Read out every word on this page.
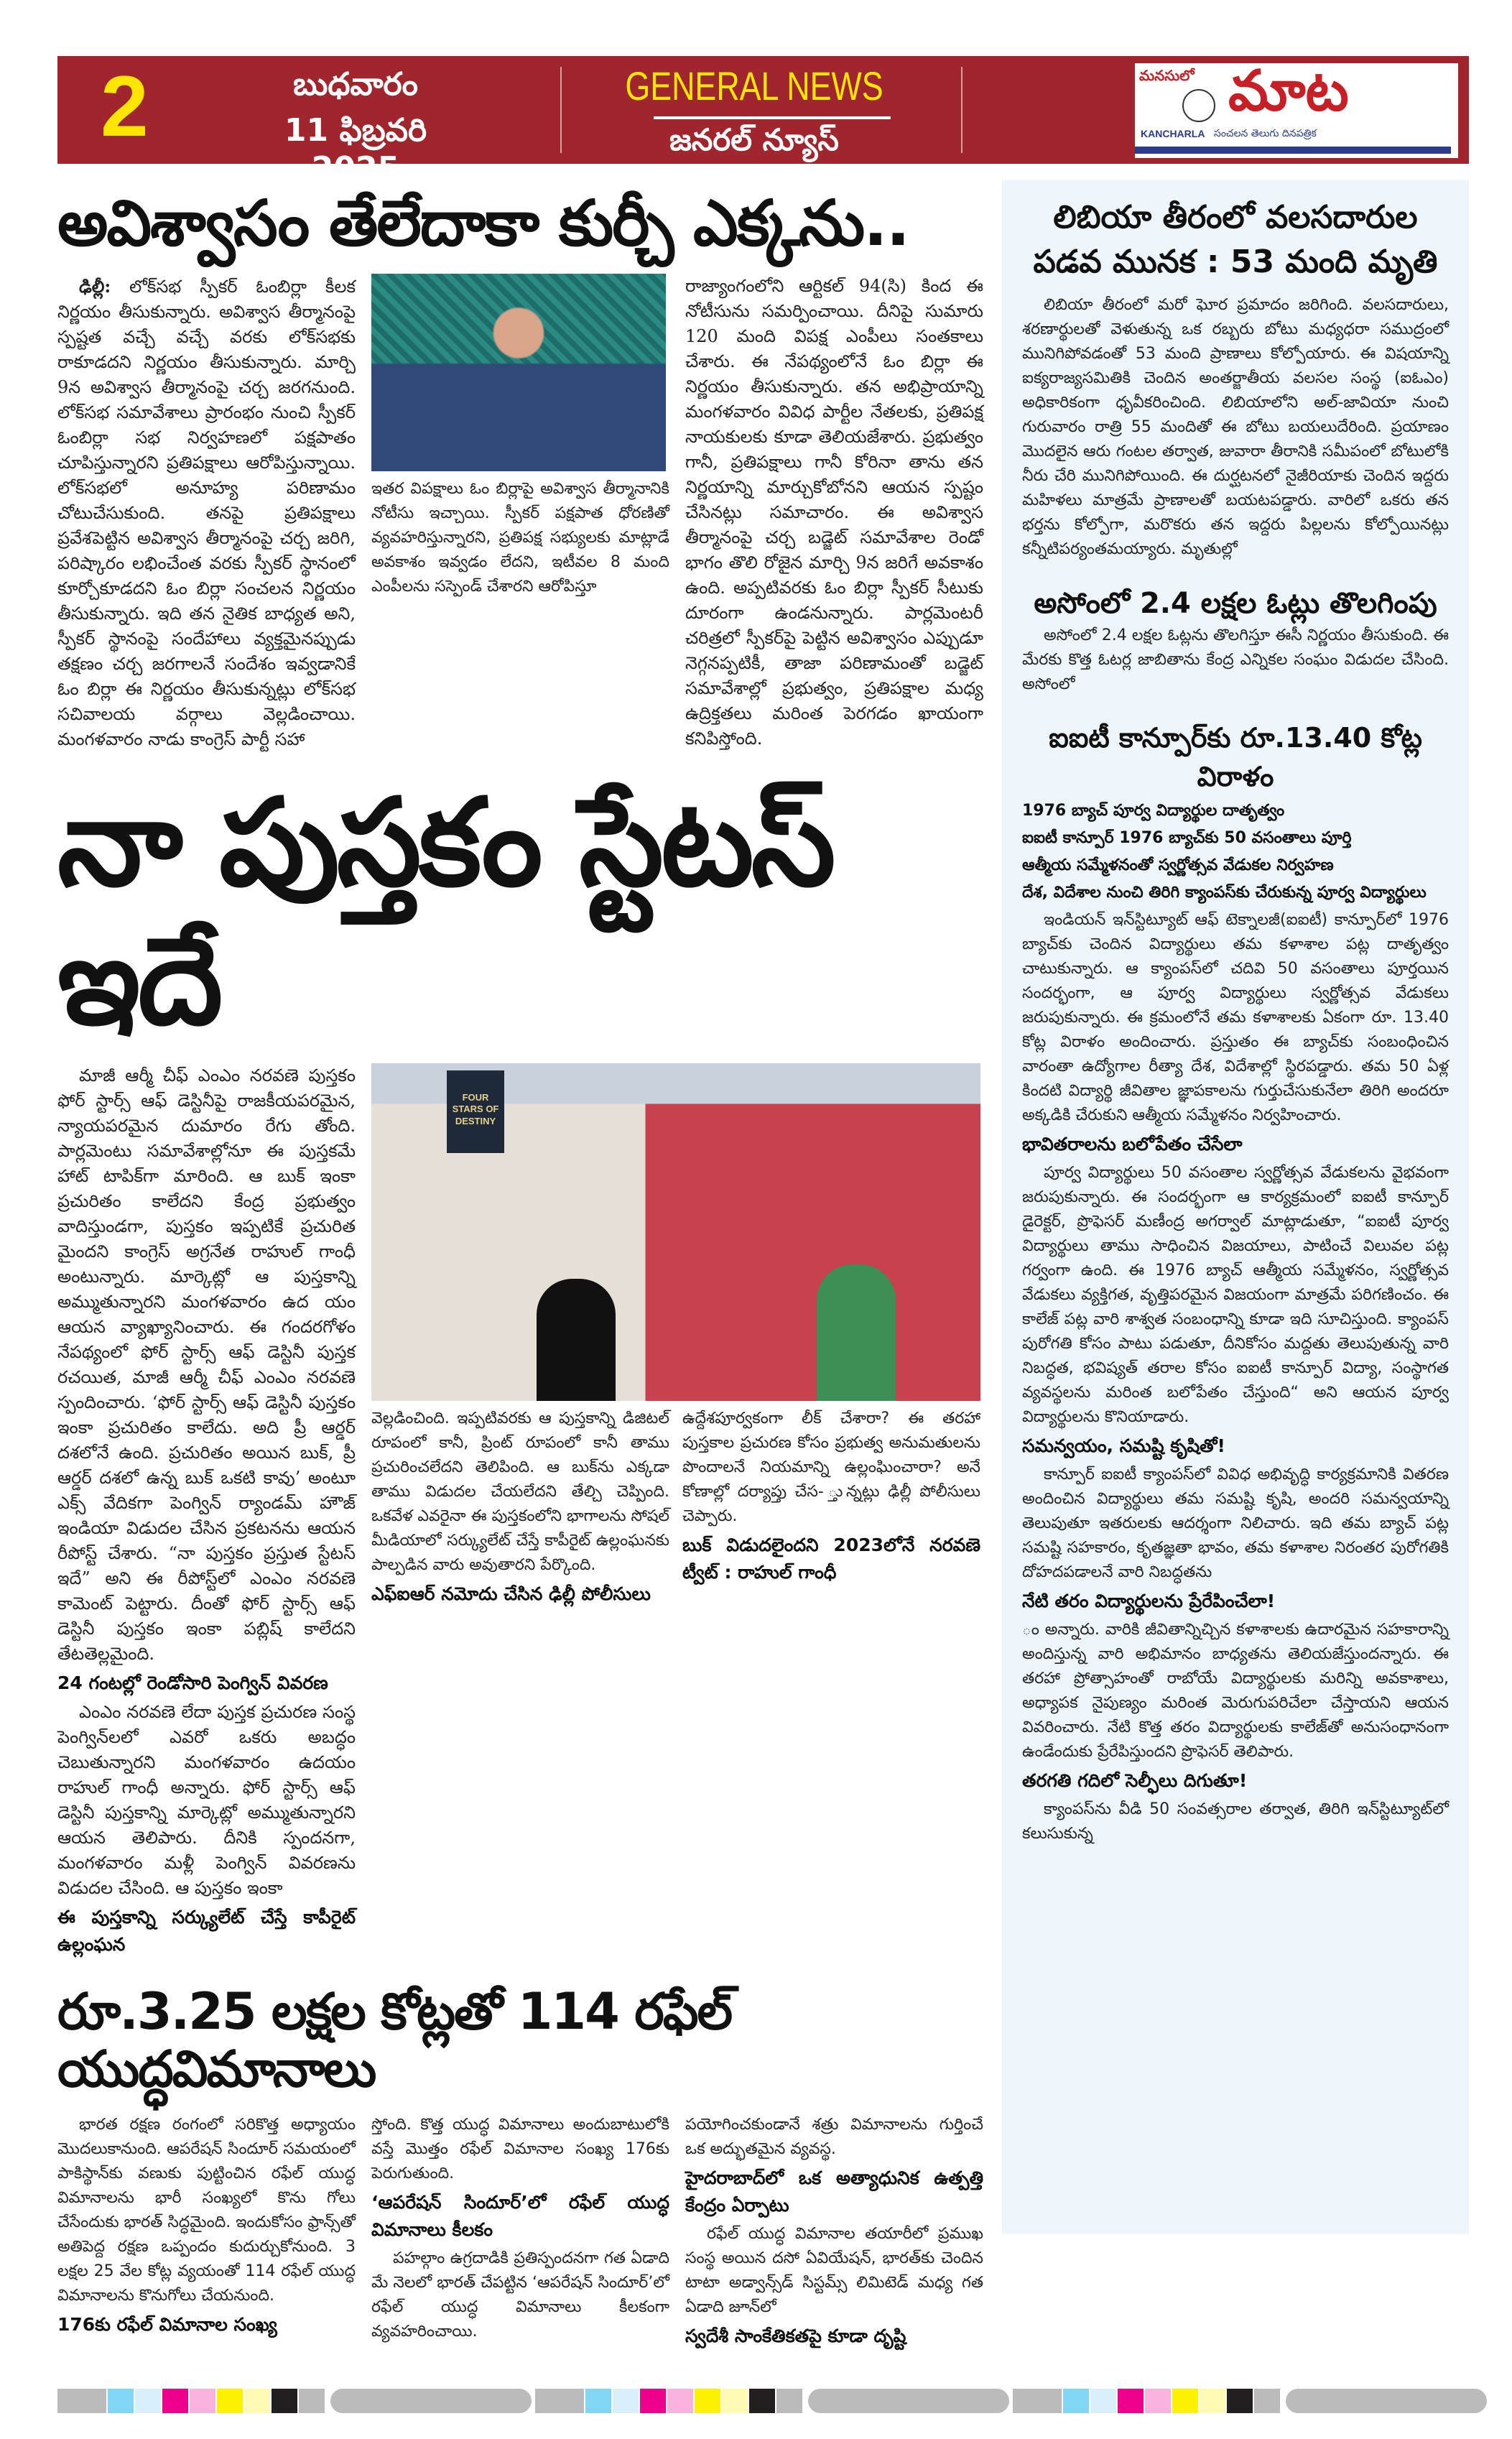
2	బుధవారం
11 ఫిబ్రవరి 2025
GENERAL NEWS
జనరల్ న్యూస్
మనసులో మాట
KANCHARLA సంచలన తెలుగు దినపత్రిక
అవిశ్వాసం తేలేదాకా కుర్చీ ఎక్కను..

ఢిల్లీ: లోక్‌సభ స్పీకర్ ఓంబిర్లా కీలక నిర్ణయం తీసుకున్నారు. అవిశ్వాస తీర్మానంపై స్పష్టత వచ్చే వచ్చే వరకు లోక్‌సభకు రాకూడదని నిర్ణయం తీసుకున్నారు. మార్చి 9న అవిశ్వాస తీర్మానంపై చర్చ జరగనుంది. లోక్‌సభ సమావేశాలు ప్రారంభం నుంచి స్పీకర్ ఓంబిర్లా సభ నిర్వహణలో పక్షపాతం చూపిస్తున్నారని ప్రతిపక్షాలు ఆరోపిస్తున్నాయి. లోక్‌సభలో అనూహ్య పరిణామం చోటుచేసుకుంది. తనపై ప్రతిపక్షాలు ప్రవేశపెట్టిన అవిశ్వాస తీర్మానంపై చర్చ జరిగి, పరిష్కారం లభించేంత వరకు స్పీకర్ స్థానంలో కూర్చోకూడదని ఓం బిర్లా సంచలన నిర్ణయం తీసుకున్నారు. ఇది తన నైతిక బాధ్యత అని, స్పీకర్ స్థానంపై సందేహాలు వ్యక్తమైనప్పుడు తక్షణం చర్చ జరగాలనే సందేశం ఇవ్వడానికే ఓం బిర్లా ఈ నిర్ణయం తీసుకున్నట్లు లోక్‌సభ సచివాలయ వర్గాలు వెల్లడించాయి. మంగళవారం నాడు కాంగ్రెస్ పార్టీ సహా

ఇతర విపక్షాలు ఓం బిర్లాపై అవిశ్వాస తీర్మానానికి నోటీసు ఇచ్చాయి. స్పీకర్ పక్షపాత ధోరణితో వ్యవహరిస్తున్నారని, ప్రతిపక్ష సభ్యులకు మాట్లాడే అవకాశం ఇవ్వడం లేదని, ఇటీవల 8 మంది ఎంపీలను సస్పెండ్ చేశారని ఆరోపిస్తూ

రాజ్యాంగంలోని ఆర్టికల్ 94(సి) కింద ఈ నోటీసును సమర్పించాయి. దీనిపై సుమారు 120 మంది విపక్ష ఎంపీలు సంతకాలు చేశారు. ఈ నేపథ్యంలోనే ఓం బిర్లా ఈ నిర్ణయం తీసుకున్నారు. తన అభిప్రాయాన్ని మంగళవారం వివిధ పార్టీల నేతలకు, ప్రతిపక్ష నాయకులకు కూడా తెలియజేశారు. ప్రభుత్వం గానీ, ప్రతిపక్షాలు గానీ కోరినా తాను తన నిర్ణయాన్ని మార్చుకోబోనని ఆయన స్పష్టం చేసినట్లు సమాచారం. ఈ అవిశ్వాస తీర్మానంపై చర్చ బడ్జెట్ సమావేశాల రెండో భాగం తొలి రోజైన మార్చి 9న జరిగే అవకాశం ఉంది. అప్పటివరకు ఓం బిర్లా స్పీకర్ సీటుకు దూరంగా ఉండనున్నారు. పార్లమెంటరీ చరిత్రలో స్పీకర్‌పై పెట్టిన అవిశ్వాసం ఎప్పుడూ నెగ్గనప్పటికీ, తాజా పరిణామంతో బడ్జెట్ సమావేశాల్లో ప్రభుత్వం, ప్రతిపక్షాల మధ్య ఉద్రిక్తతలు మరింత పెరగడం ఖాయంగా కనిపిస్తోంది.

నా పుస్తకం స్టేటస్ ఇదే

మాజీ ఆర్మీ చీఫ్ ఎంఎం నరవణె పుస్తకం ఫోర్ స్టార్స్ ఆఫ్ డెస్టినీపై రాజకీయపరమైన, న్యాయపరమైన దుమారం రేగు తోంది. పార్లమెంటు సమావేశాల్లోనూ ఈ పుస్తకమే హాట్ టాపిక్‌గా మారింది. ఆ బుక్ ఇంకా ప్రచురితం కాలేదని కేంద్ర ప్రభుత్వం వాదిస్తుండగా, పుస్తకం ఇప్పటికే ప్రచురిత మైందని కాంగ్రెస్ అగ్రనేత రాహుల్ గాంధీ అంటున్నారు. మార్కెట్లో ఆ పుస్తకాన్ని అమ్ముతున్నారని మంగళవారం ఉద యం ఆయన వ్యాఖ్యానించారు. ఈ గందరగోళం నేపథ్యంలో ఫోర్ స్టార్స్ ఆఫ్ డెస్టినీ పుస్తక రచయిత, మాజీ ఆర్మీ చీఫ్ ఎంఎం నరవణె స్పందించారు. ‘ఫోర్ స్టార్స్ ఆఫ్ డెస్టినీ పుస్తకం ఇంకా ప్రచురితం కాలేదు. అది ప్రీ ఆర్డర్ దశలోనే ఉంది. ప్రచురితం అయిన బుక్, ప్రీ ఆర్డర్ దశలో ఉన్న బుక్ ఒకటి కావు’ అంటూ ఎక్స్ వేదికగా పెంగ్విన్ ర్యాండమ్ హౌజ్ ఇండియా విడుదల చేసిన ప్రకటనను ఆయన రీపోస్ట్ చేశారు. “నా పుస్తకం ప్రస్తుత స్టేటస్ ఇదే” అని ఈ రీపోస్ట్‌లో ఎంఎం నరవణె కామెంట్ పెట్టారు. దీంతో ఫోర్ స్టార్స్ ఆఫ్ డెస్టినీ పుస్తకం ఇంకా పబ్లిష్ కాలేదని తేటతెల్లమైంది.

24 గంటల్లో రెండోసారి పెంగ్విన్ వివరణ

ఎంఎం నరవణె లేదా పుస్తక ప్రచురణ సంస్థ పెంగ్విన్‌లలో ఎవరో ఒకరు అబద్ధం చెబుతున్నారని మంగళవారం ఉదయం రాహుల్ గాంధీ అన్నారు. ఫోర్ స్టార్స్ ఆఫ్ డెస్టినీ పుస్తకాన్ని మార్కెట్లో అమ్ముతున్నారని ఆయన తెలిపారు. దీనికి స్పందనగా, మంగళవారం మళ్లీ పెంగ్విన్ వివరణను విడుదల చేసింది. ఆ పుస్తకం ఇంకా

ఈ పుస్తకాన్ని సర్క్యులేట్ చేస్తే కాపీరైట్ ఉల్లంఘన
FOUR STARS OF DESTINY

వెల్లడించింది. ఇప్పటివరకు ఆ పుస్తకాన్ని డిజిటల్ రూపంలో కానీ, ప్రింట్ రూపంలో కానీ తాము ప్రచురించలేదని తెలిపింది. ఆ బుక్‌ను ఎక్కడా తాము విడుదల చేయలేదని తేల్చి చెప్పింది. ఒకవేళ ఎవరైనా ఈ పుస్తకంలోని భాగాలను సోషల్ మీడియాలో సర్క్యులేట్ చేస్తే కాపీరైట్ ఉల్లంఘనకు పాల్పడిన వారు అవుతారని పేర్కొంది.

ఎఫ్ఐఆర్ నమోదు చేసిన ఢిల్లీ పోలీసులు

ఉద్దేశపూర్వకంగా లీక్ చేశారా? ఈ తరహా పుస్తకాల ప్రచురణ కోసం ప్రభుత్వ అనుమతులను పొందాలనే నియమాన్ని ఉల్లంఘించారా? అనే కోణాల్లో దర్యాప్తు చేస- ్తున్నట్లు ఢిల్లీ పోలీసులు చెప్పారు.

బుక్ విడుదలైందని 2023లోనే నరవణె ట్వీట్ : రాహుల్ గాంధీ
రూ.3.25 లక్షల కోట్లతో 114 రఫేల్ యుద్ధవిమానాలు

భారత రక్షణ రంగంలో సరికొత్త అధ్యాయం మొదలుకానుంది. ఆపరేషన్ సిందూర్ సమయంలో పాకిస్థాన్‌కు వణుకు పుట్టించిన రఫేల్ యుద్ధ విమానాలను భారీ సంఖ్యలో కొను గోలు చేసేందుకు భారత్ సిద్ధమైంది. ఇందుకోసం ఫ్రాన్స్‌తో అతిపెద్ద రక్షణ ఒప్పందం కుదుర్చుకోనుంది. 3 లక్షల 25 వేల కోట్ల వ్యయంతో 114 రఫేల్ యుద్ధ విమానాలను కొనుగోలు చేయనుంది.

176కు రఫేల్ విమానాల సంఖ్య

స్తోంది. కొత్త యుద్ధ విమానాలు అందుబాటులోకి వస్తే మొత్తం రఫేల్ విమానాల సంఖ్య 176కు పెరుగుతుంది.

‘ఆపరేషన్ సిందూర్’లో రఫేల్ యుద్ధ విమానాలు కీలకం

పహల్గాం ఉగ్రదాడికి ప్రతిస్పందనగా గత ఏడాది మే నెలలో భారత్ చేపట్టిన ‘ఆపరేషన్ సిందూర్’లో రఫేల్ యుద్ధ విమానాలు కీలకంగా వ్యవహరించాయి.

పయోగించకుండానే శత్రు విమానాలను గుర్తించే ఒక అద్భుతమైన వ్యవస్థ.

హైదరాబాద్‌లో ఒక అత్యాధునిక ఉత్పత్తి కేంద్రం ఏర్పాటు

రఫేల్ యుద్ధ విమానాల తయారీలో ప్రముఖ సంస్థ అయిన దసో ఏవియేషన్, భారత్‌కు చెందిన టాటా అడ్వాన్స్‌డ్ సిస్టమ్స్ లిమిటెడ్ మధ్య గత ఏడాది జూన్‌లో

స్వదేశీ సాంకేతికతపై కూడా దృష్టి
లిబియా తీరంలో వలసదారుల
పడవ మునక : 53 మంది మృతి

లిబియా తీరంలో మరో ఘోర ప్రమాదం జరిగింది. వలసదారులు, శరణార్థులతో వెళుతున్న ఒక రబ్బరు బోటు మధ్యధరా సముద్రంలో మునిగిపోవడంతో 53 మంది ప్రాణాలు కోల్పోయారు. ఈ విషయాన్ని ఐక్యరాజ్యసమితికి చెందిన అంతర్జాతీయ వలసల సంస్థ (ఐఓఎం) అధికారికంగా ధృవీకరించింది. లిబియాలోని అల్-జావియా నుంచి గురువారం రాత్రి 55 మందితో ఈ బోటు బయలుదేరింది. ప్రయాణం మొదలైన ఆరు గంటల తర్వాత, జువారా తీరానికి సమీపంలో బోటులోకి నీరు చేరి మునిగిపోయింది. ఈ దుర్ఘటనలో నైజీరియాకు చెందిన ఇద్దరు మహిళలు మాత్రమే ప్రాణాలతో బయటపడ్డారు. వారిలో ఒకరు తన భర్తను కోల్పోగా, మరొకరు తన ఇద్దరు పిల్లలను కోల్పోయినట్లు కన్నీటిపర్యంతమయ్యారు. మృతుల్లో

అసోంలో 2.4 లక్షల ఓట్లు తొలగింపు

అసోంలో 2.4 లక్షల ఓట్లను తొలగిస్తూ ఈసీ నిర్ణయం తీసుకుంది. ఈ మేరకు కొత్త ఓటర్ల జాబితాను కేంద్ర ఎన్నికల సంఘం విడుదల చేసింది. అసోంలో

ఐఐటీ కాన్పూర్‌కు రూ.13.40 కోట్ల విరాళం
1976 బ్యాచ్ పూర్వ విద్యార్థుల దాతృత్వం
ఐఐటీ కాన్పూర్ 1976 బ్యాచ్‌కు 50 వసంతాలు పూర్తి
ఆత్మీయ సమ్మేళనంతో స్వర్ణోత్సవ వేడుకల నిర్వహణ
దేశ, విదేశాల నుంచి తిరిగి క్యాంపస్‌కు చేరుకున్న పూర్వ విద్యార్థులు

ఇండియన్ ఇన్‌స్టిట్యూట్ ఆఫ్ టెక్నాలజీ(ఐఐటీ) కాన్పూర్‌లో 1976 బ్యాచ్‌కు చెందిన విద్యార్థులు తమ కళాశాల పట్ల దాతృత్వం చాటుకున్నారు. ఆ క్యాంపస్‌లో చదివి 50 వసంతాలు పూర్తయిన సందర్భంగా, ఆ పూర్వ విద్యార్థులు స్వర్ణోత్సవ వేడుకలు జరుపుకున్నారు. ఈ క్రమంలోనే తమ కళాశాలకు ఏకంగా రూ. 13.40 కోట్ల విరాళం అందించారు. ప్రస్తుతం ఈ బ్యాచ్‌కు సంబంధించిన వారంతా ఉద్యోగాల రీత్యా దేశ, విదేశాల్లో స్థిరపడ్డారు. తమ 50 ఏళ్ల కిందటి విద్యార్థి జీవితాల జ్ఞాపకాలను గుర్తుచేసుకునేలా తిరిగి అందరూ అక్కడికి చేరుకుని ఆత్మీయ సమ్మేళనం నిర్వహించారు.

భావితరాలను బలోపేతం చేసేలా

పూర్వ విద్యార్థులు 50 వసంతాల స్వర్ణోత్సవ వేడుకలను వైభవంగా జరుపుకున్నారు. ఈ సందర్భంగా ఆ కార్యక్రమంలో ఐఐటీ కాన్పూర్ డైరెక్టర్, ప్రొఫెసర్ మణీంద్ర అగర్వాల్ మాట్లాడుతూ, “ఐఐటీ పూర్వ విద్యార్థులు తాము సాధించిన విజయాలు, పాటించే విలువల పట్ల గర్వంగా ఉంది. ఈ 1976 బ్యాచ్ ఆత్మీయ సమ్మేళనం, స్వర్ణోత్సవ వేడుకలు వ్యక్తిగత, వృత్తిపరమైన విజయంగా మాత్రమే పరిగణించం. ఈ కాలేజ్ పట్ల వారి శాశ్వత సంబంధాన్ని కూడా ఇది సూచిస్తుంది. క్యాంపస్ పురోగతి కోసం పాటు పడుతూ, దీనికోసం మద్దతు తెలుపుతున్న వారి నిబద్ధత, భవిష్యత్ తరాల కోసం ఐఐటీ కాన్పూర్ విద్యా, సంస్థాగత వ్యవస్థలను మరింత బలోపేతం చేస్తుంది“ అని ఆయన పూర్వ విద్యార్థులను కొనియాడారు.

సమన్వయం, సమష్టి కృషితో!

కాన్పూర్ ఐఐటీ క్యాంపస్‌లో వివిధ అభివృద్ధి కార్యక్రమానికి వితరణ అందించిన విద్యార్థులు తమ సమష్టి కృషి, అందరి సమన్వయాన్ని తెలుపుతూ ఇతరులకు ఆదర్శంగా నిలిచారు. ఇది తమ బ్యాచ్ పట్ల సమష్టి సహకారం, కృతజ్ఞతా భావం, తమ కళాశాల నిరంతర పురోగతికి దోహదపడాలనే వారి నిబద్ధతను

నేటి తరం విద్యార్థులను ప్రేరేపించేలా!

ం అన్నారు. వారికి జీవితాన్నిచ్చిన కళాశాలకు ఉదారమైన సహకారాన్ని అందిస్తున్న వారి అభిమానం బాధ్యతను తెలియజేస్తుందన్నారు. ఈ తరహా ప్రోత్సాహంతో రాబోయే విద్యార్థులకు మరిన్ని అవకాశాలు, అధ్యాపక నైపుణ్యం మరింత మెరుగుపరిచేలా చేస్తాయని ఆయన వివరించారు. నేటి కొత్త తరం విద్యార్థులకు కాలేజ్‌తో అనుసంధానంగా ఉండేందుకు ప్రేరేపిస్తుందని ప్రొఫెసర్ తెలిపారు.

తరగతి గదిలో సెల్ఫీలు దిగుతూ!

క్యాంపస్‌ను వీడి 50 సంవత్సరాల తర్వాత, తిరిగి ఇన్‌స్టిట్యూట్‌లో కలుసుకున్న
